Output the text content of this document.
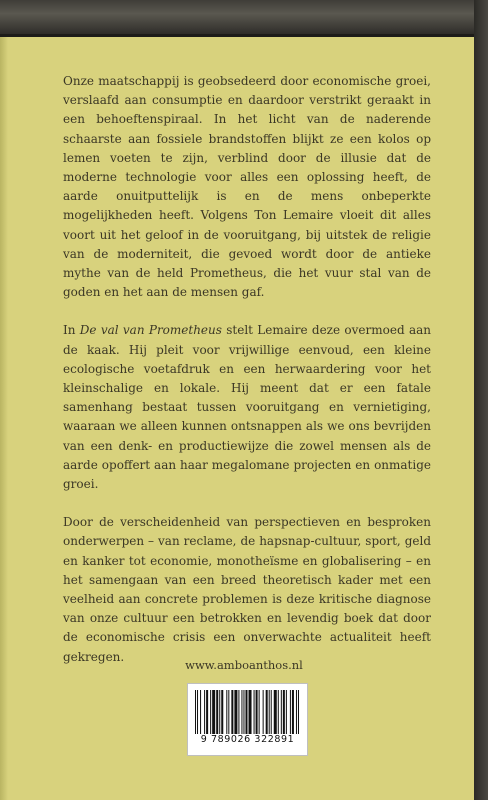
Onze maatschappij is geobsedeerd door economische groei, verslaafd aan consumptie en daardoor verstrikt geraakt in een behoeftenspiraal. In het licht van de naderende schaarste aan fossiele brandstoffen blijkt ze een kolos op lemen voeten te zijn, verblind door de illusie dat de moderne technologie voor alles een oplossing heeft, de aarde onuitputtelijk is en de mens onbeperkte mogelijkheden heeft. Volgens Ton Lemaire vloeit dit alles voort uit het geloof in de vooruitgang, bij uitstek de religie van de moderniteit, die gevoed wordt door de antieke mythe van de held Prometheus, die het vuur stal van de goden en het aan de mensen gaf.

In De val van Prometheus stelt Lemaire deze overmoed aan de kaak. Hij pleit voor vrijwillige eenvoud, een kleine ecologische voetafdruk en een herwaardering voor het kleinschalige en lokale. Hij meent dat er een fatale samenhang bestaat tussen vooruitgang en vernietiging, waaraan we alleen kunnen ontsnappen als we ons bevrijden van een denk- en productiewijze die zowel mensen als de aarde opoffert aan haar megalomane projecten en onmatige groei.

Door de verscheidenheid van perspectieven en besproken onderwerpen – van reclame, de hapsnap-cultuur, sport, geld en kanker tot economie, monotheïsme en globalisering – en het samengaan van een breed theoretisch kader met een veelheid aan concrete problemen is deze kritische diagnose van onze cultuur een betrokken en levendig boek dat door de economische crisis een onverwachte actualiteit heeft gekregen.

www.amboanthos.nl
9 789026 322891
